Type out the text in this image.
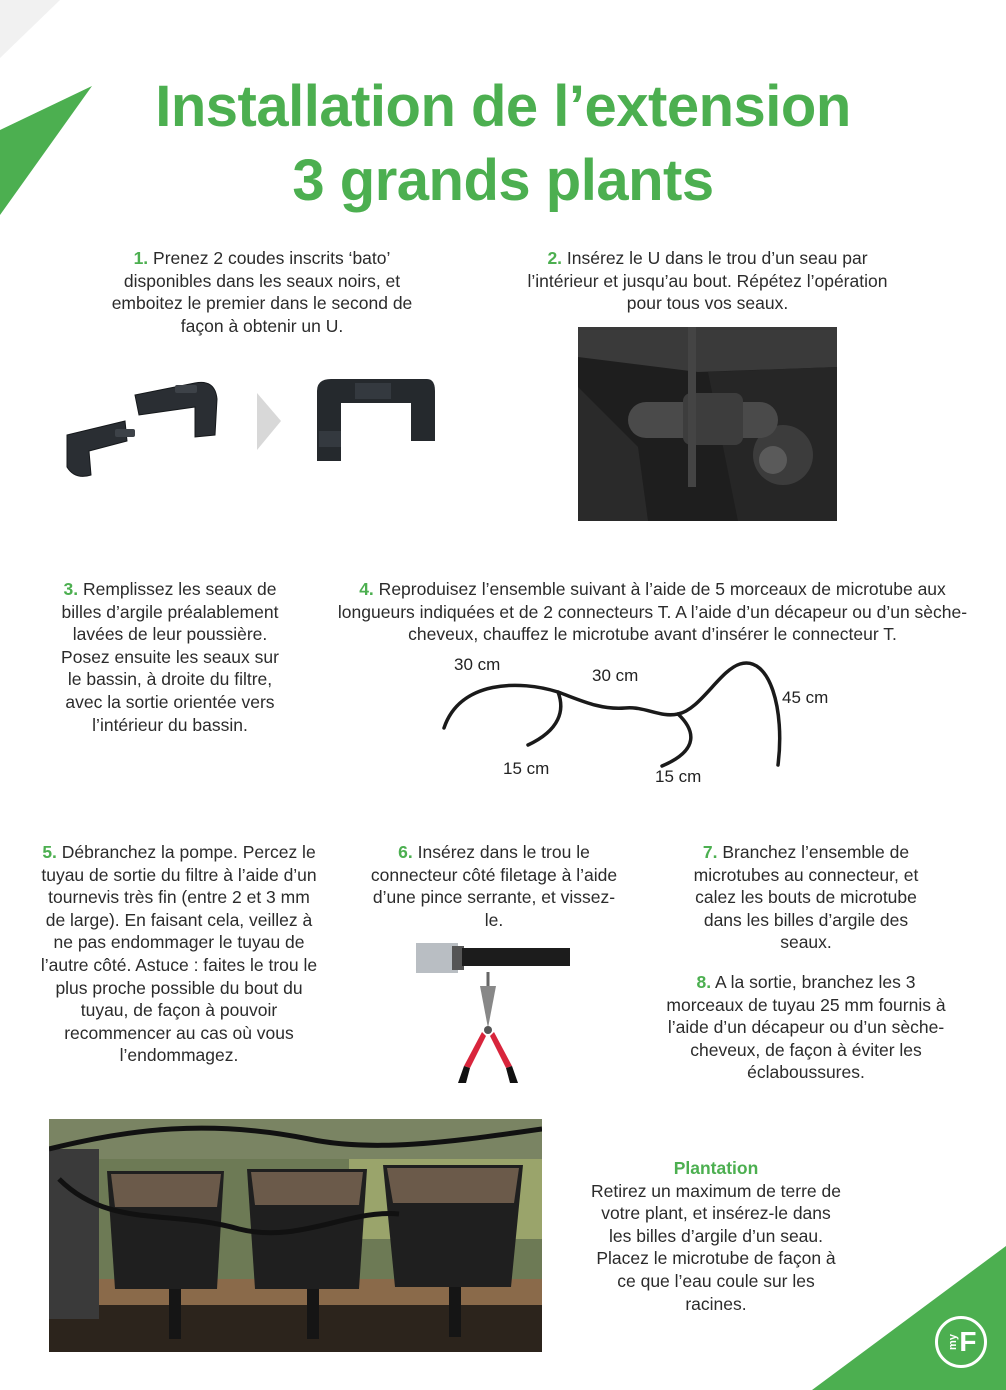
Installation de l’extension
3 grands plants
1. Prenez 2 coudes inscrits ‘bato’ disponibles dans les seaux noirs, et emboitez le premier dans le second de façon à obtenir un U.
2. Insérez le U dans le trou d’un seau par l’intérieur et jusqu’au bout. Répétez l’opération pour tous vos seaux.
3. Remplissez les seaux de billes d’argile préalablement lavées de leur poussière. Posez ensuite les seaux sur le bassin, à droite du filtre, avec la sortie orientée vers l’intérieur du bassin.
4. Reproduisez l’ensemble suivant à l’aide de 5 morceaux de microtube aux longueurs indiquées et de 2 connecteurs T. A l’aide d’un décapeur ou d’un sèche-cheveux, chauffez le microtube avant d’insérer le connecteur T.
30 cm
30 cm
45 cm
15 cm	15 cm
5. Débranchez la pompe. Percez le tuyau de sortie du filtre à l’aide d’un tournevis très fin (entre 2 et 3 mm de large). En faisant cela, veillez à ne pas endommager le tuyau de l’autre côté. Astuce : faites le trou le plus proche possible du bout du tuyau, de façon à pouvoir recommencer au cas où vous l’endommagez.
6. Insérez dans le trou le connecteur côté filetage à l’aide d’une pince serrante, et vissez-le.
7. Branchez l’ensemble de microtubes au connecteur, et calez les bouts de microtube dans les billes d’argile des seaux.
8. A la sortie, branchez les 3 morceaux de tuyau 25 mm fournis à l’aide d’un décapeur ou d’un sèche-cheveux, de façon à éviter les éclaboussures.
Plantation
Retirez un maximum de terre de votre plant, et insérez-le dans les billes d’argile d’un seau. Placez le microtube de façon à ce que l’eau coule sur les racines.
my F
